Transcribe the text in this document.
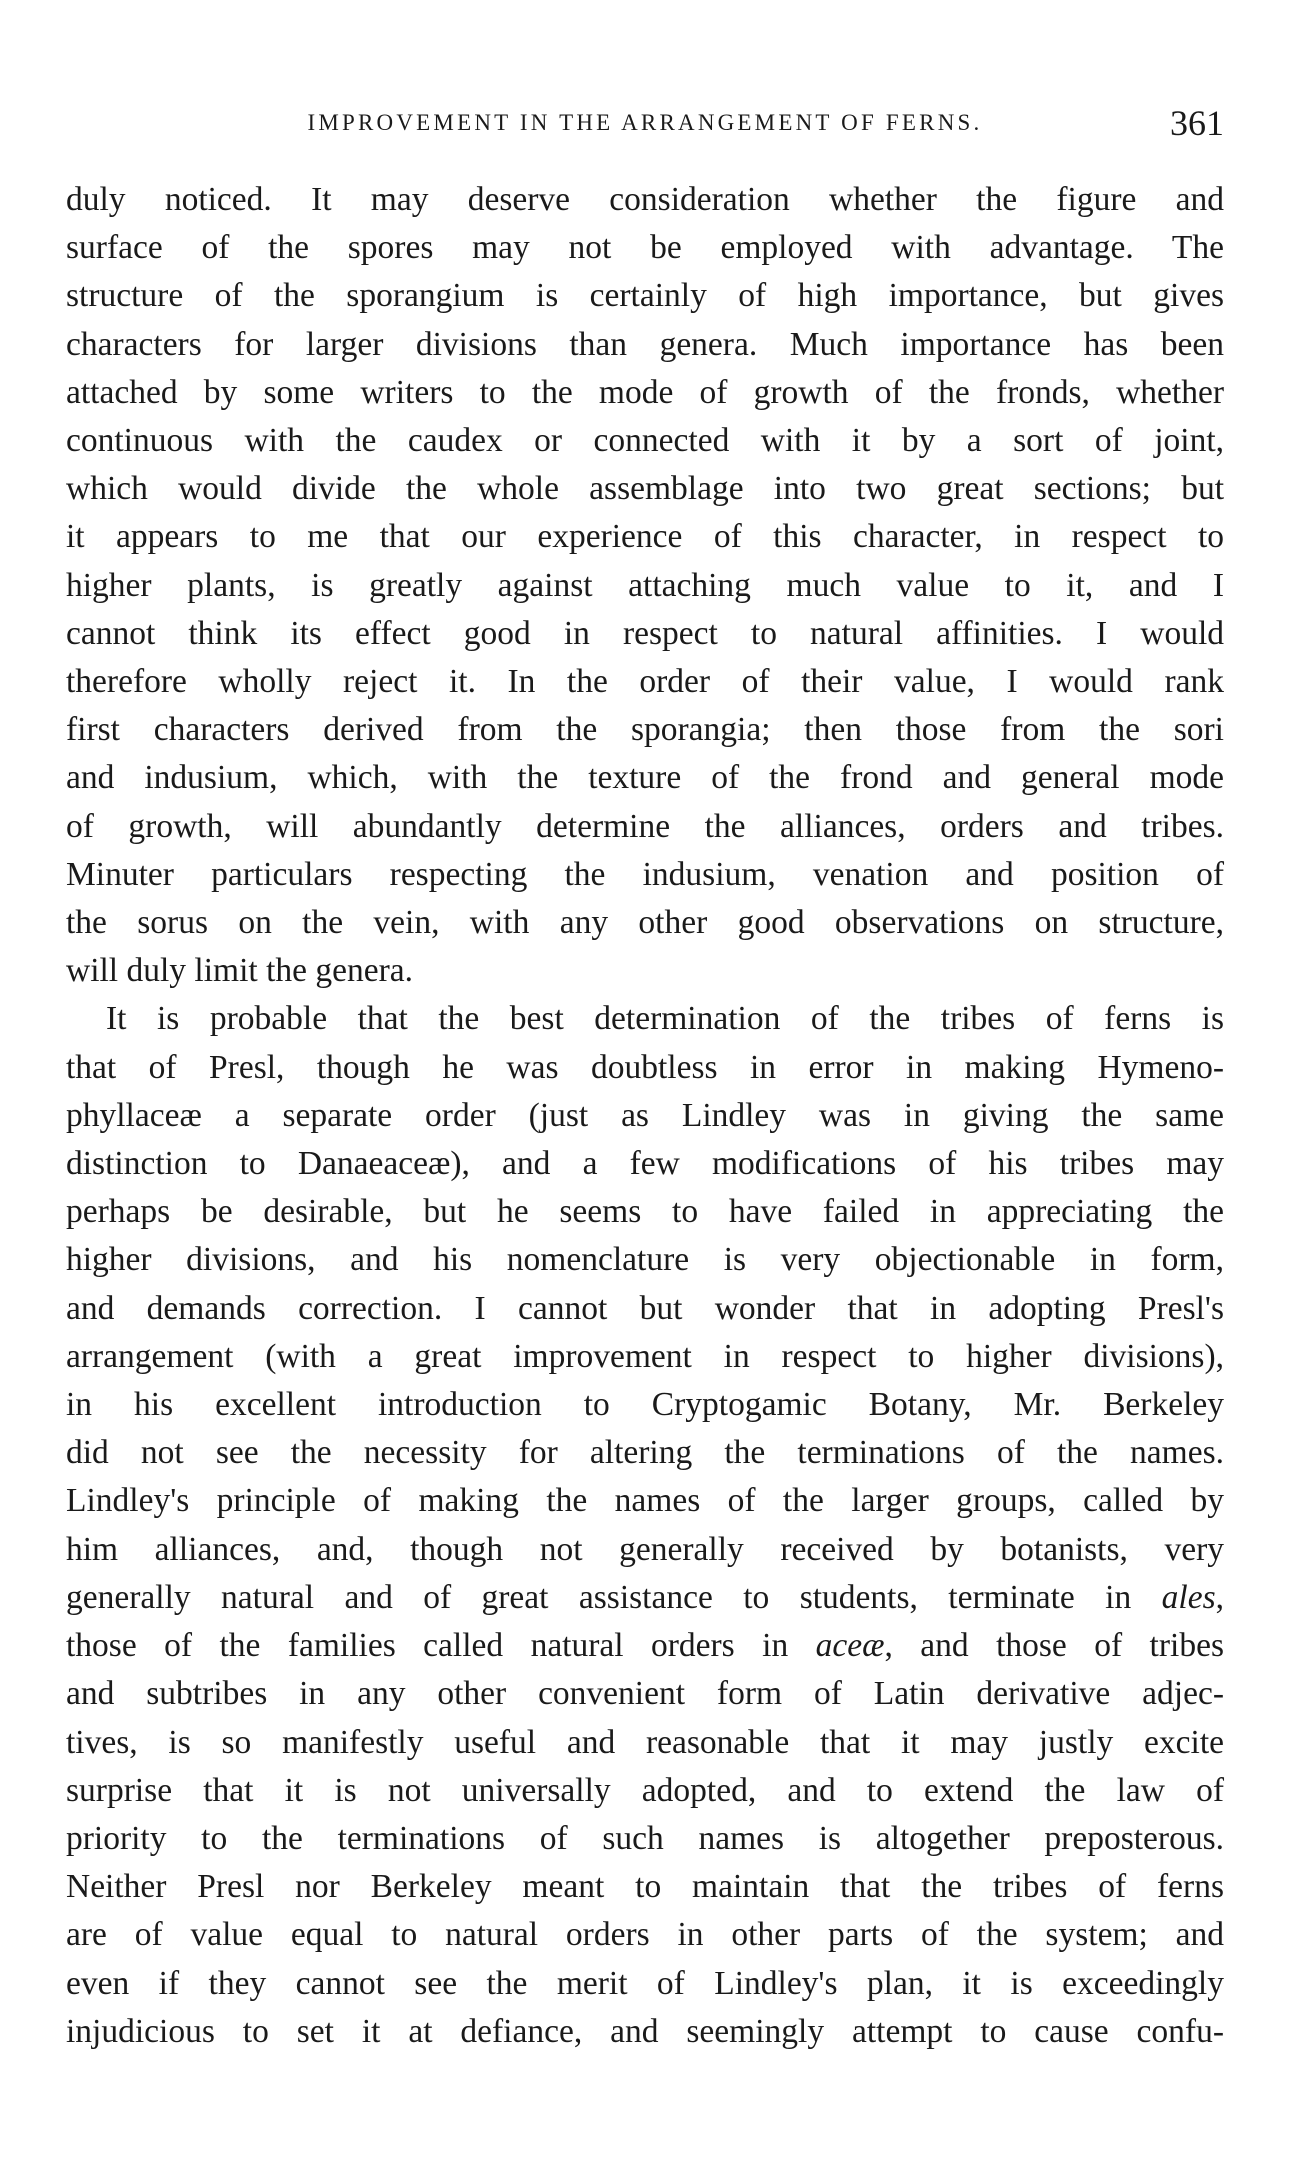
IMPROVEMENT IN THE ARRANGEMENT OF FERNS.	361
duly noticed. It may deserve consideration whether the figure and
surface of the spores may not be employed with advantage. The
structure of the sporangium is certainly of high importance, but gives
characters for larger divisions than genera. Much importance has been
attached by some writers to the mode of growth of the fronds, whether
continuous with the caudex or connected with it by a sort of joint,
which would divide the whole assemblage into two great sections; but
it appears to me that our experience of this character, in respect to
higher plants, is greatly against attaching much value to it, and I
cannot think its effect good in respect to natural affinities. I would
therefore wholly reject it. In the order of their value, I would rank
first characters derived from the sporangia; then those from the sori
and indusium, which, with the texture of the frond and general mode
of growth, will abundantly determine the alliances, orders and tribes.
Minuter particulars respecting the indusium, venation and position of
the sorus on the vein, with any other good observations on structure,
will duly limit the genera.
It is probable that the best determination of the tribes of ferns is
that of Presl, though he was doubtless in error in making Hymeno-
phyllaceæ a separate order (just as Lindley was in giving the same
distinction to Danaeaceæ), and a few modifications of his tribes may
perhaps be desirable, but he seems to have failed in appreciating the
higher divisions, and his nomenclature is very objectionable in form,
and demands correction. I cannot but wonder that in adopting Presl's
arrangement (with a great improvement in respect to higher divisions),
in his excellent introduction to Cryptogamic Botany, Mr. Berkeley
did not see the necessity for altering the terminations of the names.
Lindley's principle of making the names of the larger groups, called by
him alliances, and, though not generally received by botanists, very
generally natural and of great assistance to students, terminate in ales,
those of the families called natural orders in aceæ, and those of tribes
and subtribes in any other convenient form of Latin derivative adjec-
tives, is so manifestly useful and reasonable that it may justly excite
surprise that it is not universally adopted, and to extend the law of
priority to the terminations of such names is altogether preposterous.
Neither Presl nor Berkeley meant to maintain that the tribes of ferns
are of value equal to natural orders in other parts of the system; and
even if they cannot see the merit of Lindley's plan, it is exceedingly
injudicious to set it at defiance, and seemingly attempt to cause confu-
